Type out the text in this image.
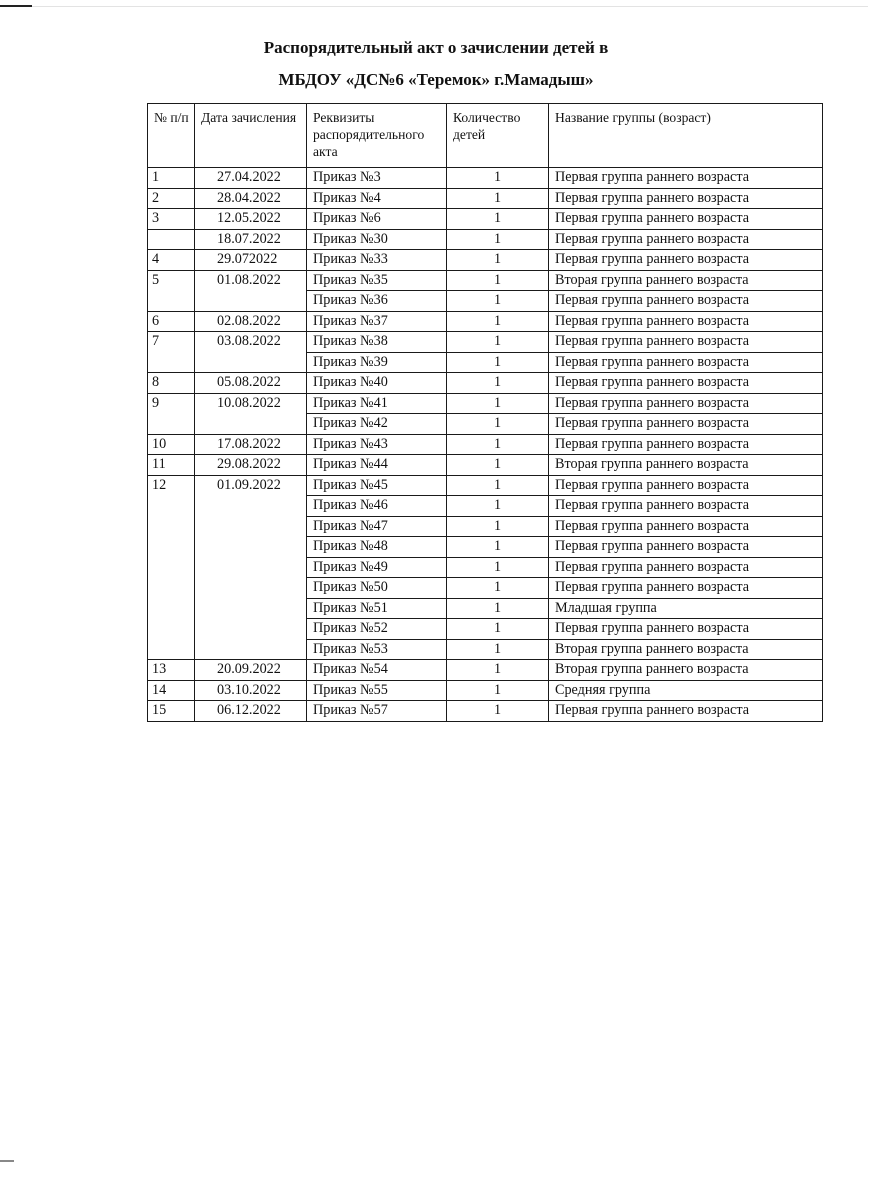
Распорядительный акт о зачислении детей в
МБДОУ «ДС№6 «Теремок» г.Мамадыш»
№ п/п	Дата зачисления	Реквизиты распорядительного акта	Количество детей	Название группы (возраст)
1	27.04.2022	Приказ №3	1	Первая группа раннего возраста
2	28.04.2022	Приказ №4	1	Первая группа раннего возраста
3	12.05.2022	Приказ №6	1	Первая группа раннего возраста
	18.07.2022	Приказ №30	1	Первая группа раннего возраста
4	29.072022	Приказ №33	1	Первая группа раннего возраста
5	01.08.2022	Приказ №35	1	Вторая группа раннего возраста
		Приказ №36	1	Первая группа раннего возраста
6	02.08.2022	Приказ №37	1	Первая группа раннего возраста
7	03.08.2022	Приказ №38	1	Первая группа раннего возраста
		Приказ №39	1	Первая группа раннего возраста
8	05.08.2022	Приказ №40	1	Первая группа раннего возраста
9	10.08.2022	Приказ №41	1	Первая группа раннего возраста
		Приказ №42	1	Первая группа раннего возраста
10	17.08.2022	Приказ №43	1	Первая группа раннего возраста
11	29.08.2022	Приказ №44	1	Вторая группа раннего возраста
12	01.09.2022	Приказ №45	1	Первая группа раннего возраста
		Приказ №46	1	Первая группа раннего возраста
		Приказ №47	1	Первая группа раннего возраста
		Приказ №48	1	Первая группа раннего возраста
		Приказ №49	1	Первая группа раннего возраста
		Приказ №50	1	Первая группа раннего возраста
		Приказ №51	1	Младшая группа
		Приказ №52	1	Первая группа раннего возраста
		Приказ №53	1	Вторая группа раннего возраста
13	20.09.2022	Приказ №54	1	Вторая группа раннего возраста
14	03.10.2022	Приказ №55	1	Средняя группа
15	06.12.2022	Приказ №57	1	Первая группа раннего возраста
